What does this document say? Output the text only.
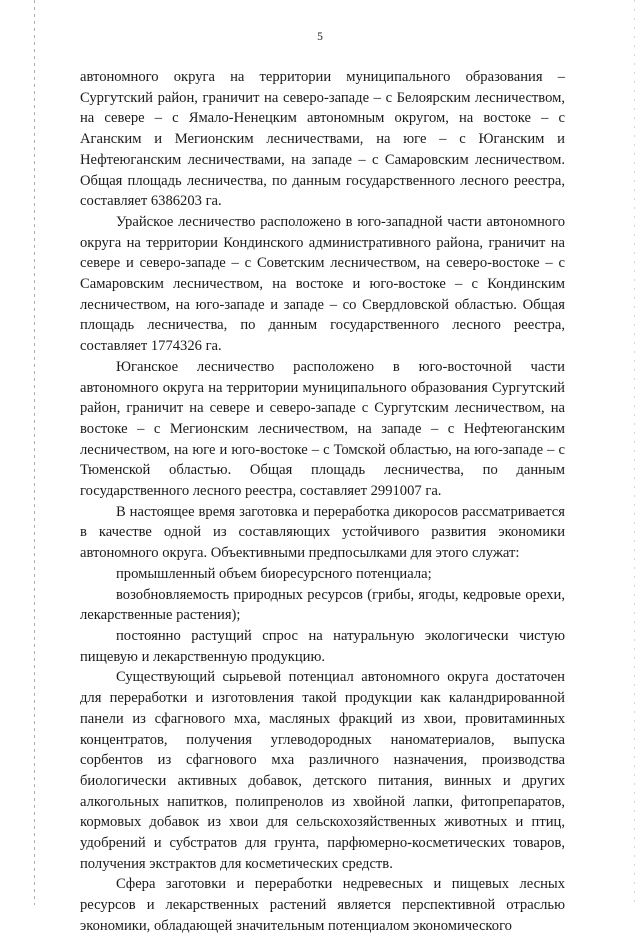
5

автономного округа на территории муниципального образования – Сургутский район, граничит на северо-западе – с Белоярским лесничеством, на севере – с Ямало-Ненецким автономным округом, на востоке – с Аганским и Мегионским лесничествами, на юге – с Юганским и Нефтеюганским лесничествами, на западе – с Самаровским лесничеством. Общая площадь лесничества, по данным государственного лесного реестра, составляет 6386203 га.

Урайское лесничество расположено в юго-западной части автономного округа на территории Кондинского административного района, граничит на севере и северо-западе – с Советским лесничеством, на северо-востоке – с Самаровским лесничеством, на востоке и юго-востоке – с Кондинским лесничеством, на юго-западе и западе – со Свердловской областью. Общая площадь лесничества, по данным государственного лесного реестра, составляет 1774326 га.

Юганское лесничество расположено в юго-восточной части автономного округа на территории муниципального образования Сургутский район, граничит на севере и северо-западе с Сургутским лесничеством, на востоке – с Мегионским лесничеством, на западе – с Нефтеюганским лесничеством, на юге и юго-востоке – с Томской областью, на юго-западе – с Тюменской областью. Общая площадь лесничества, по данным государственного лесного реестра, составляет 2991007 га.

В настоящее время заготовка и переработка дикоросов рассматривается в качестве одной из составляющих устойчивого развития экономики автономного округа. Объективными предпосылками для этого служат:

промышленный объем биоресурсного потенциала;

возобновляемость природных ресурсов (грибы, ягоды, кедровые орехи, лекарственные растения);

постоянно растущий спрос на натуральную экологически чистую пищевую и лекарственную продукцию.

Существующий сырьевой потенциал автономного округа достаточен для переработки и изготовления такой продукции как каландрированной панели из сфагнового мха, масляных фракций из хвои, провитаминных концентратов, получения углеводородных наноматериалов, выпуска сорбентов из сфагнового мха различного назначения, производства биологически активных добавок, детского питания, винных и других алкогольных напитков, полипренолов из хвойной лапки, фитопрепаратов, кормовых добавок из хвои для сельскохозяйственных животных и птиц, удобрений и субстратов для грунта, парфюмерно-косметических товаров, получения экстрактов для косметических средств.

Сфера заготовки и переработки недревесных и пищевых лесных ресурсов и лекарственных растений является перспективной отраслью экономики, обладающей значительным потенциалом экономического
